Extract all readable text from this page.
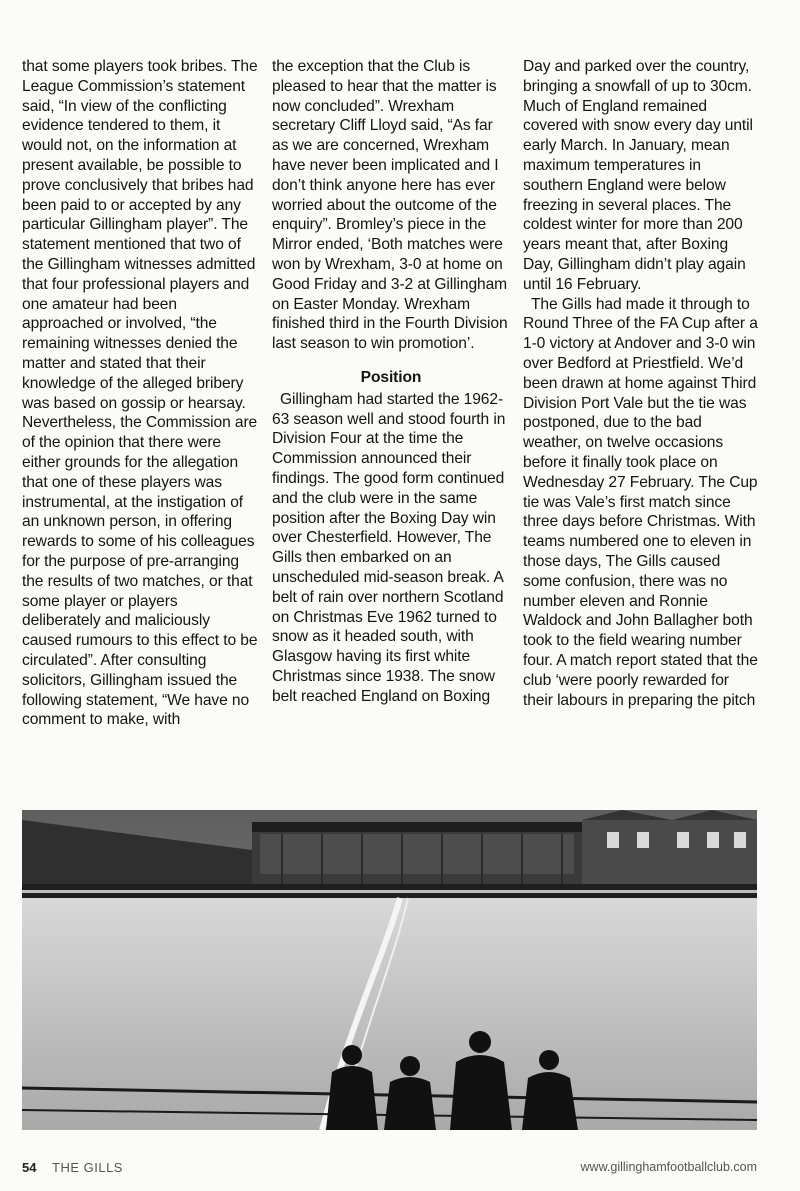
that some players took bribes. The League Commission’s statement said, “In view of the conflicting evidence tendered to them, it would not, on the information at present available, be possible to prove conclusively that bribes had been paid to or accepted by any particular Gillingham player”. The statement mentioned that two of the Gillingham witnesses admitted that four professional players and one amateur had been approached or involved, “the remaining witnesses denied the matter and stated that their knowledge of the alleged bribery was based on gossip or hearsay. Nevertheless, the Commission are of the opinion that there were either grounds for the allegation that one of these players was instrumental, at the instigation of an unknown person, in offering rewards to some of his colleagues for the purpose of pre-arranging the results of two matches, or that some player or players deliberately and maliciously caused rumours to this effect to be circulated”. After consulting solicitors, Gillingham issued the following statement, “We have no comment to make, with

the exception that the Club is pleased to hear that the matter is now concluded”. Wrexham secretary Cliff Lloyd said, “As far as we are concerned, Wrexham have never been implicated and I don’t think anyone here has ever worried about the outcome of the enquiry”. Bromley’s piece in the Mirror ended, ‘Both matches were won by Wrexham, 3-0 at home on Good Friday and 3-2 at Gillingham on Easter Monday. Wrexham finished third in the Fourth Division last season to win promotion’.

Position

Gillingham had started the 1962-63 season well and stood fourth in Division Four at the time the Commission announced their findings. The good form continued and the club were in the same position after the Boxing Day win over Chesterfield. However, The Gills then embarked on an unscheduled mid-season break. A belt of rain over northern Scotland on Christmas Eve 1962 turned to snow as it headed south, with Glasgow having its first white Christmas since 1938. The snow belt reached England on Boxing

Day and parked over the country, bringing a snowfall of up to 30cm. Much of England remained covered with snow every day until early March. In January, mean maximum temperatures in southern England were below freezing in several places. The coldest winter for more than 200 years meant that, after Boxing Day, Gillingham didn’t play again until 16 February.

The Gills had made it through to Round Three of the FA Cup after a 1-0 victory at Andover and 3-0 win over Bedford at Priestfield. We’d been drawn at home against Third Division Port Vale but the tie was postponed, due to the bad weather, on twelve occasions before it finally took place on Wednesday 27 February. The Cup tie was Vale’s first match since three days before Christmas. With teams numbered one to eleven in those days, The Gills caused some confusion, there was no number eleven and Ronnie Waldock and John Ballagher both took to the field wearing number four. A match report stated that the club ‘were poorly rewarded for their labours in preparing the pitch

54 THE GILLS	www.gillinghamfootballclub.com
